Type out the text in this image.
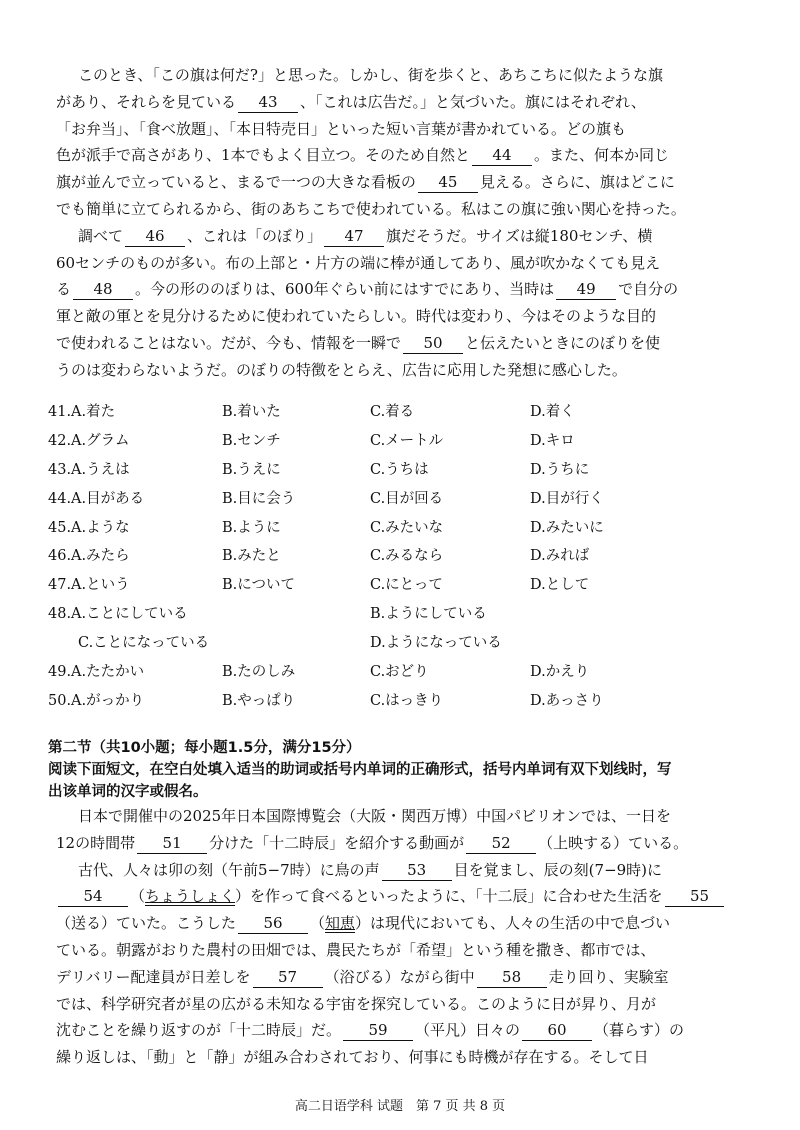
このとき、「この旗は何だ?」と思った。しかし、街を歩くと、あちこちに似たような旗
があり、それらを見ている 43 、「これは広告だ。」と気づいた。旗にはそれぞれ、
「お弁当」、「食べ放題」、「本日特売日」といった短い言葉が書かれている。どの旗も
色が派手で高さがあり、1本でもよく目立つ。そのため自然と 44 。また、何本か同じ
旗が並んで立っていると、まるで一つの大きな看板の 45 見える。さらに、旗はどこに
でも簡単に立てられるから、街のあちこちで使われている。私はこの旗に強い関心を持った。
調べて 46 、これは「のぼり」 47 旗だそうだ。サイズは縦180センチ、横
60センチのものが多い。布の上部と・片方の端に棒が通してあり、風が吹かなくても見え
る 48 。今の形ののぼりは、600年ぐらい前にはすでにあり、当時は 49 で自分の
軍と敵の軍とを見分けるために使われていたらしい。時代は変わり、今はそのような目的
で使われることはない。だが、今も、情報を一瞬で 50 と伝えたいときにのぼりを使
うのは変わらないようだ。のぼりの特徴をとらえ、広告に応用した発想に感心した。
41.A.着た	B.着いた	C.着る	D.着く
42.A.グラム	B.センチ	C.メートル	D.キロ
43.A.うえは	B.うえに	C.うちは	D.うちに
44.A.目がある	B.目に会う	C.目が回る	D.目が行く
45.A.ような	B.ように	C.みたいな	D.みたいに
46.A.みたら	B.みたと	C.みるなら	D.みれば
47.A.という	B.について	C.にとって	D.として
48.A.ことにしている	B.ようにしている
C.ことになっている	D.ようになっている
49.A.たたかい	B.たのしみ	C.おどり	D.かえり
50.A.がっかり	B.やっぱり	C.はっきり	D.あっさり
第二节（共10小题；每小题1.5分，满分15分）
阅读下面短文，在空白处填入适当的助词或括号内单词的正确形式，括号内单词有双下划线时，写
出该单词的汉字或假名。
日本で開催中の2025年日本国際博覧会（大阪・関西万博）中国パビリオンでは、一日を
12の時間帯 51 分けた「十二時辰」を紹介する動画が 52 （上映する）ている。
古代、人々は卯の刻（午前5−7時）に鳥の声 53 目を覚まし、辰の刻(7−9時)に
54 （ちょうしょく）を作って食べるといったように、「十二辰」に合わせた生活を 55
（送る）ていた。こうした 56 （知恵）は現代においても、人々の生活の中で息づい
ている。朝露がおりた農村の田畑では、農民たちが「希望」という種を撒き、都市では、
デリバリー配達員が日差しを 57 （浴びる）ながら街中 58 走り回り、実験室
では、科学研究者が星の広がる未知なる宇宙を探究している。このように日が昇り、月が
沈むことを繰り返すのが「十二時辰」だ。 59 （平凡）日々の 60 （暮らす）の
繰り返しは、「動」と「静」が組み合わされており、何事にも時機が存在する。そして日
高二日语学科 试题　第 7 页 共 8 页
